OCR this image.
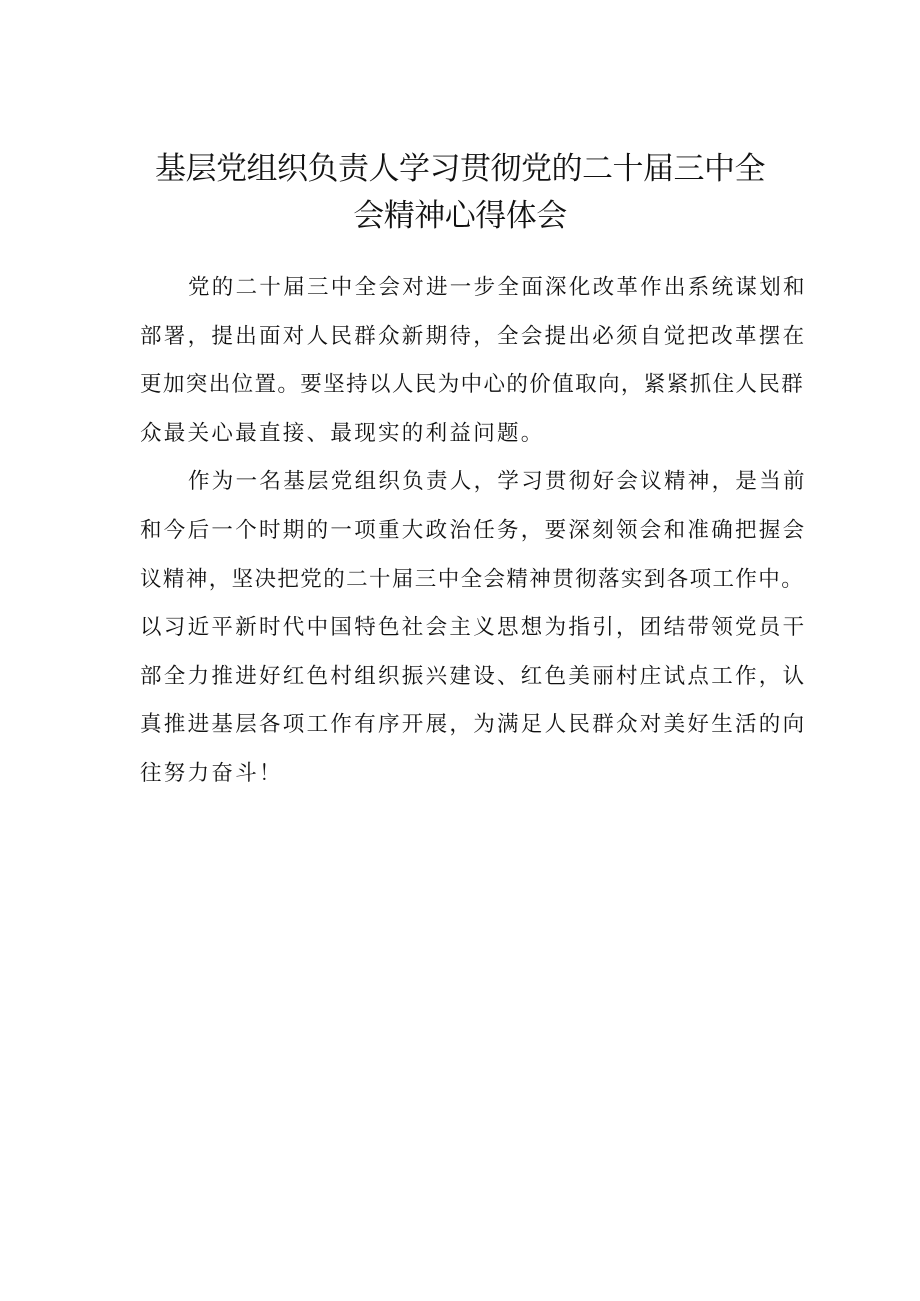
基层党组织负责人学习贯彻党的二十届三中全
会精神心得体会
党的二十届三中全会对进一步全面深化改革作出系统谋划和
部署，提出面对人民群众新期待，全会提出必须自觉把改革摆在
更加突出位置。要坚持以人民为中心的价值取向，紧紧抓住人民群
众最关心最直接、最现实的利益问题。
作为一名基层党组织负责人，学习贯彻好会议精神，是当前
和今后一个时期的一项重大政治任务，要深刻领会和准确把握会
议精神，坚决把党的二十届三中全会精神贯彻落实到各项工作中。
以习近平新时代中国特色社会主义思想为指引，团结带领党员干
部全力推进好红色村组织振兴建设、红色美丽村庄试点工作，认
真推进基层各项工作有序开展，为满足人民群众对美好生活的向
往努力奋斗！
